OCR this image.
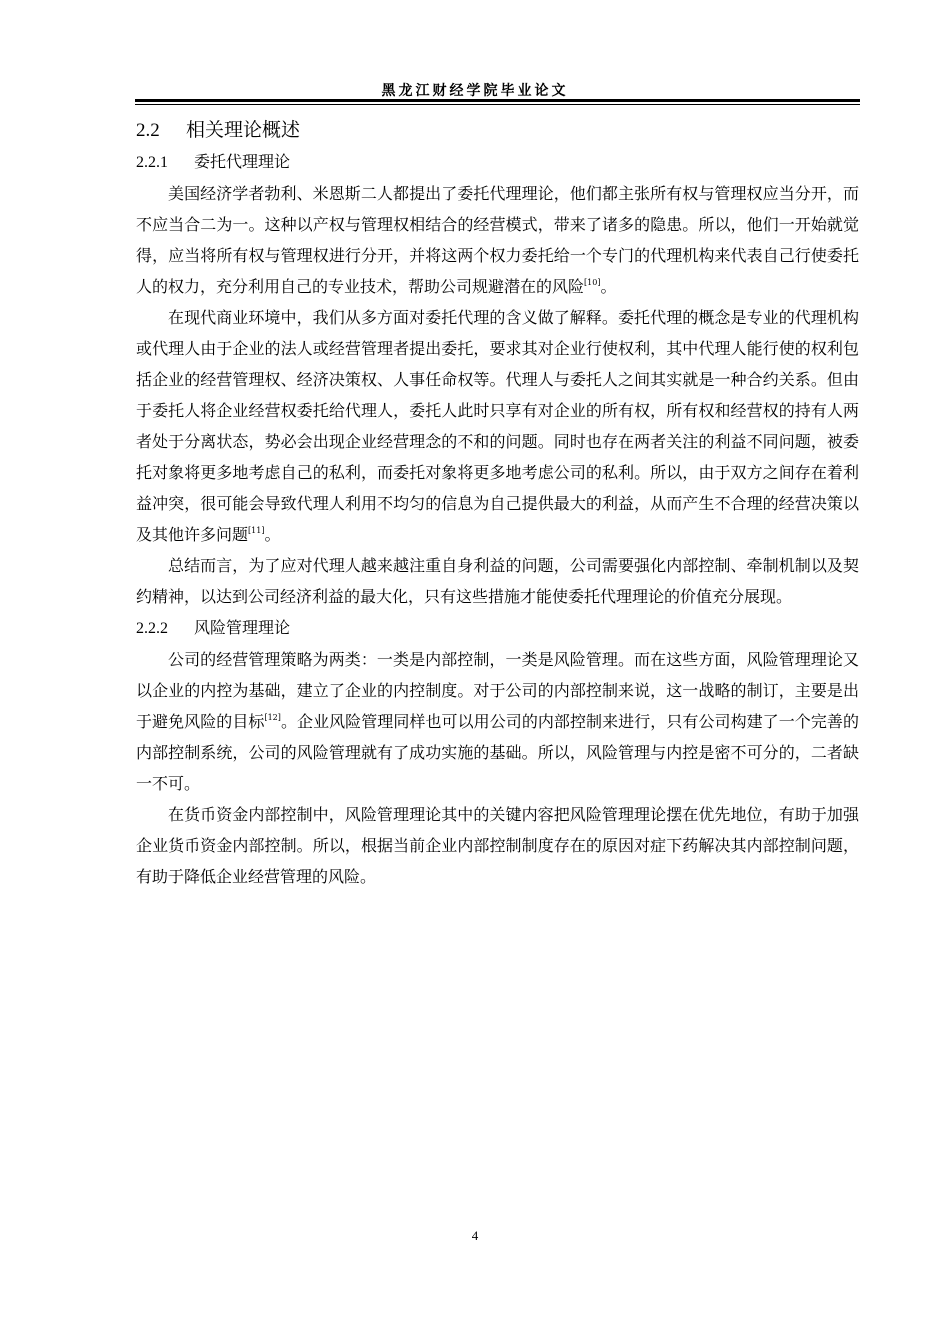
黑龙江财经学院毕业论文
2.2 相关理论概述
2.2.1 委托代理理论

美国经济学者勃利、米恩斯二人都提出了委托代理理论，他们都主张所有权与管理权应当分开，而不应当合二为一。这种以产权与管理权相结合的经营模式，带来了诸多的隐患。所以，他们一开始就觉得，应当将所有权与管理权进行分开，并将这两个权力委托给一个专门的代理机构来代表自己行使委托人的权力，充分利用自己的专业技术，帮助公司规避潜在的风险[10]。

在现代商业环境中，我们从多方面对委托代理的含义做了解释。委托代理的概念是专业的代理机构或代理人由于企业的法人或经营管理者提出委托，要求其对企业行使权利，其中代理人能行使的权利包括企业的经营管理权、经济决策权、人事任命权等。代理人与委托人之间其实就是一种合约关系。但由于委托人将企业经营权委托给代理人，委托人此时只享有对企业的所有权，所有权和经营权的持有人两者处于分离状态，势必会出现企业经营理念的不和的问题。同时也存在两者关注的利益不同问题，被委托对象将更多地考虑自己的私利，而委托对象将更多地考虑公司的私利。所以，由于双方之间存在着利益冲突，很可能会导致代理人利用不均匀的信息为自己提供最大的利益，从而产生不合理的经营决策以及其他许多问题[11]。

总结而言，为了应对代理人越来越注重自身利益的问题，公司需要强化内部控制、牵制机制以及契约精神，以达到公司经济利益的最大化，只有这些措施才能使委托代理理论的价值充分展现。

2.2.2 风险管理理论

公司的经营管理策略为两类：一类是内部控制，一类是风险管理。而在这些方面，风险管理理论又以企业的内控为基础，建立了企业的内控制度。对于公司的内部控制来说，这一战略的制订，主要是出于避免风险的目标[12]。企业风险管理同样也可以用公司的内部控制来进行，只有公司构建了一个完善的内部控制系统，公司的风险管理就有了成功实施的基础。所以，风险管理与内控是密不可分的，二者缺一不可。

在货币资金内部控制中，风险管理理论其中的关键内容把风险管理理论摆在优先地位，有助于加强企业货币资金内部控制。所以，根据当前企业内部控制制度存在的原因对症下药解决其内部控制问题，有助于降低企业经营管理的风险。

4
